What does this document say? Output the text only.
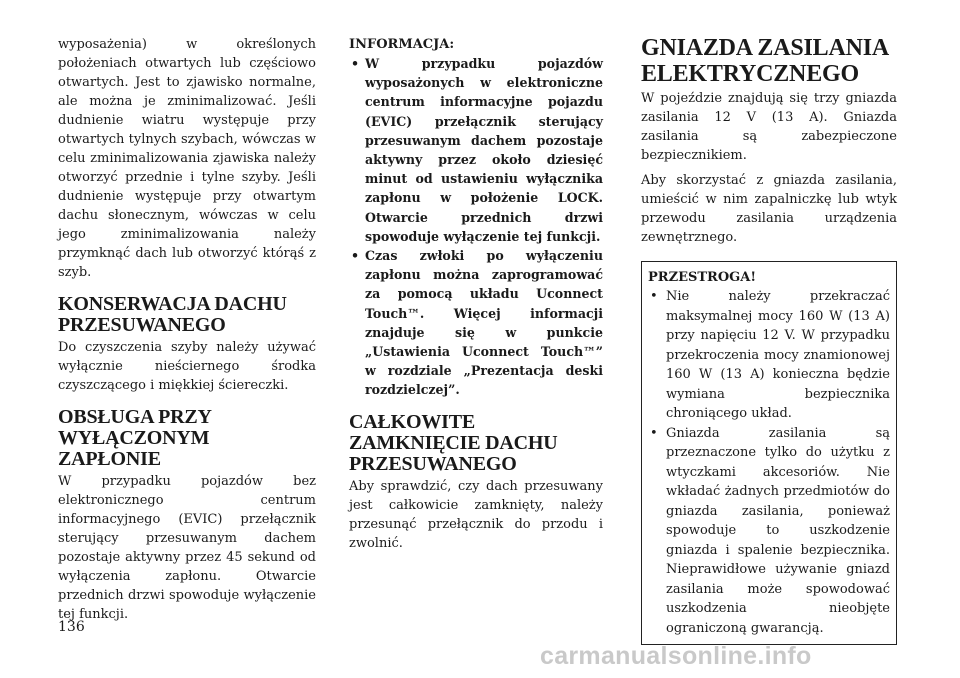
wyposażenia) w określonych położeniach otwartych lub częściowo otwartych. Jest to zjawisko normalne, ale można je zminimalizować. Jeśli dudnienie wiatru występuje przy otwartych tylnych szybach, wówczas w celu zminimalizowania zjawiska należy otworzyć przednie i tylne szyby. Jeśli dudnienie występuje przy otwartym dachu słonecznym, wówczas w celu jego zminimalizowania należy przymknąć dach lub otworzyć którąś z szyb.

KONSERWACJA DACHU PRZESUWANEGO

Do czyszczenia szyby należy używać wyłącznie nieściernego środka czyszczącego i miękkiej ściereczki.

OBSŁUGA PRZY WYŁĄCZONYM ZAPŁONIE

W przypadku pojazdów bez elektronicznego centrum informacyjnego (EVIC) przełącznik sterujący przesuwanym dachem pozostaje aktywny przez 45 sekund od wyłączenia zapłonu. Otwarcie przednich drzwi spowoduje wyłączenie tej funkcji.

INFORMACJA:

• W przypadku pojazdów wyposażonych w elektroniczne centrum informacyjne pojazdu (EVIC) przełącznik sterujący przesuwanym dachem pozostaje aktywny przez około dziesięć minut od ustawieniu wyłącznika zapłonu w położenie LOCK. Otwarcie przednich drzwi spowoduje wyłączenie tej funkcji.
• Czas zwłoki po wyłączeniu zapłonu można zaprogramować za pomocą układu Uconnect Touch™. Więcej informacji znajduje się w punkcie „Ustawienia Uconnect Touch™” w rozdziale „Prezentacja deski rozdzielczej”.
CAŁKOWITE ZAMKNIĘCIE DACHU PRZESUWANEGO

Aby sprawdzić, czy dach przesuwany jest całkowicie zamknięty, należy przesunąć przełącznik do przodu i zwolnić.

GNIAZDA ZASILANIA ELEKTRYCZNEGO

W pojeździe znajdują się trzy gniazda zasilania 12 V (13 A). Gniazda zasilania są zabezpieczone bezpiecznikiem.

Aby skorzystać z gniazda zasilania, umieścić w nim zapalniczkę lub wtyk przewodu zasilania urządzenia zewnętrznego.

PRZESTROGA!

• Nie należy przekraczać maksymalnej mocy 160 W (13 A) przy napięciu 12 V. W przypadku przekroczenia mocy znamionowej 160 W (13 A) konieczna będzie wymiana bezpiecznika chroniącego układ.
• Gniazda zasilania są przeznaczone tylko do użytku z wtyczkami akcesoriów. Nie wkładać żadnych przedmiotów do gniazda zasilania, ponieważ spowoduje to uszkodzenie gniazda i spalenie bezpiecznika. Nieprawidłowe używanie gniazd zasilania może spowodować uszkodzenia nieobjęte ograniczoną gwarancją.
136
carmanualsonline.info
